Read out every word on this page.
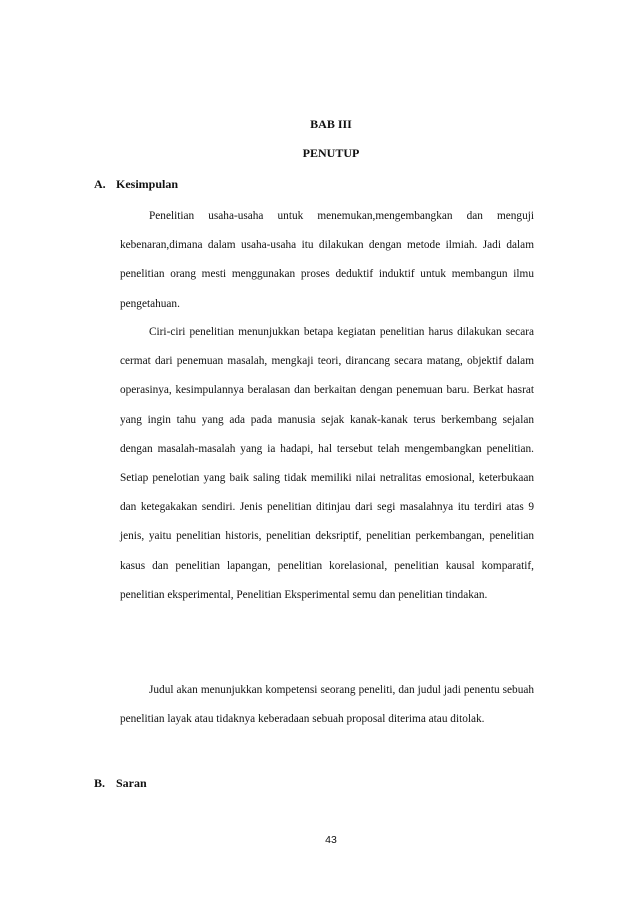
BAB III
PENUTUP
A. Kesimpulan

Penelitian usaha-usaha untuk menemukan,mengembangkan dan menguji kebenaran,dimana dalam usaha-usaha itu dilakukan dengan metode ilmiah. Jadi dalam penelitian orang mesti menggunakan proses deduktif induktif untuk membangun ilmu pengetahuan.

Ciri-ciri penelitian menunjukkan betapa kegiatan penelitian harus dilakukan secara cermat dari penemuan masalah, mengkaji teori, dirancang secara matang, objektif dalam operasinya, kesimpulannya beralasan dan berkaitan dengan penemuan baru. Berkat hasrat yang ingin tahu yang ada pada manusia sejak kanak-kanak terus berkembang sejalan dengan masalah-masalah yang ia hadapi, hal tersebut telah mengembangkan penelitian. Setiap penelotian yang baik saling tidak memiliki nilai netralitas emosional, keterbukaan dan ketegakakan sendiri. Jenis penelitian ditinjau dari segi masalahnya itu terdiri atas 9 jenis, yaitu penelitian historis, penelitian deksriptif, penelitian perkembangan, penelitian kasus dan penelitian lapangan, penelitian korelasional, penelitian kausal komparatif, penelitian eksperimental, Penelitian Eksperimental semu dan penelitian tindakan.

Judul akan menunjukkan kompetensi seorang peneliti, dan judul jadi penentu sebuah penelitian layak atau tidaknya keberadaan sebuah proposal diterima atau ditolak.

B. Saran
43
